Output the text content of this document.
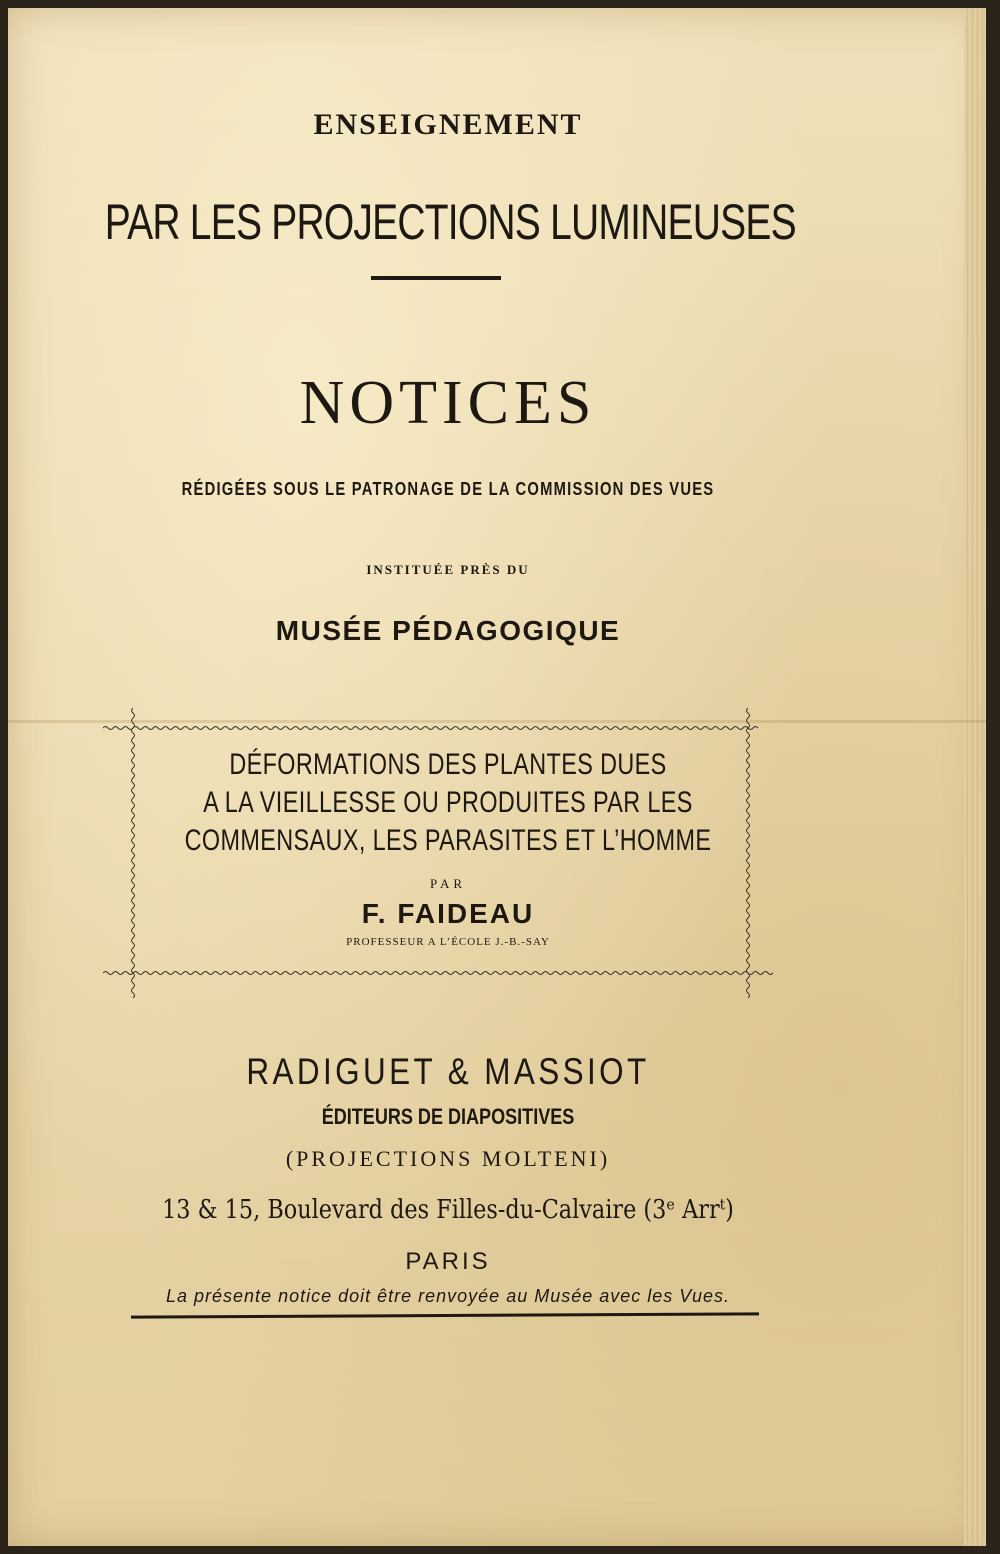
ENSEIGNEMENT
PAR LES PROJECTIONS LUMINEUSES
NOTICES
RÉDIGÉES SOUS LE PATRONAGE DE LA COMMISSION DES VUES
INSTITUÉE PRÈS DU
MUSÉE PÉDAGOGIQUE
DÉFORMATIONS DES PLANTES DUES
A LA VIEILLESSE OU PRODUITES PAR LES
COMMENSAUX, LES PARASITES ET L’HOMME
PAR
F. FAIDEAU
PROFESSEUR A L’ÉCOLE J.-B.-SAY
RADIGUET & MASSIOT
ÉDITEURS DE DIAPOSITIVES
(PROJECTIONS MOLTENI)
13 & 15, Boulevard des Filles-du-Calvaire (3ᵉ Arrᵗ)
PARIS
La présente notice doit être renvoyée au Musée avec les Vues.
